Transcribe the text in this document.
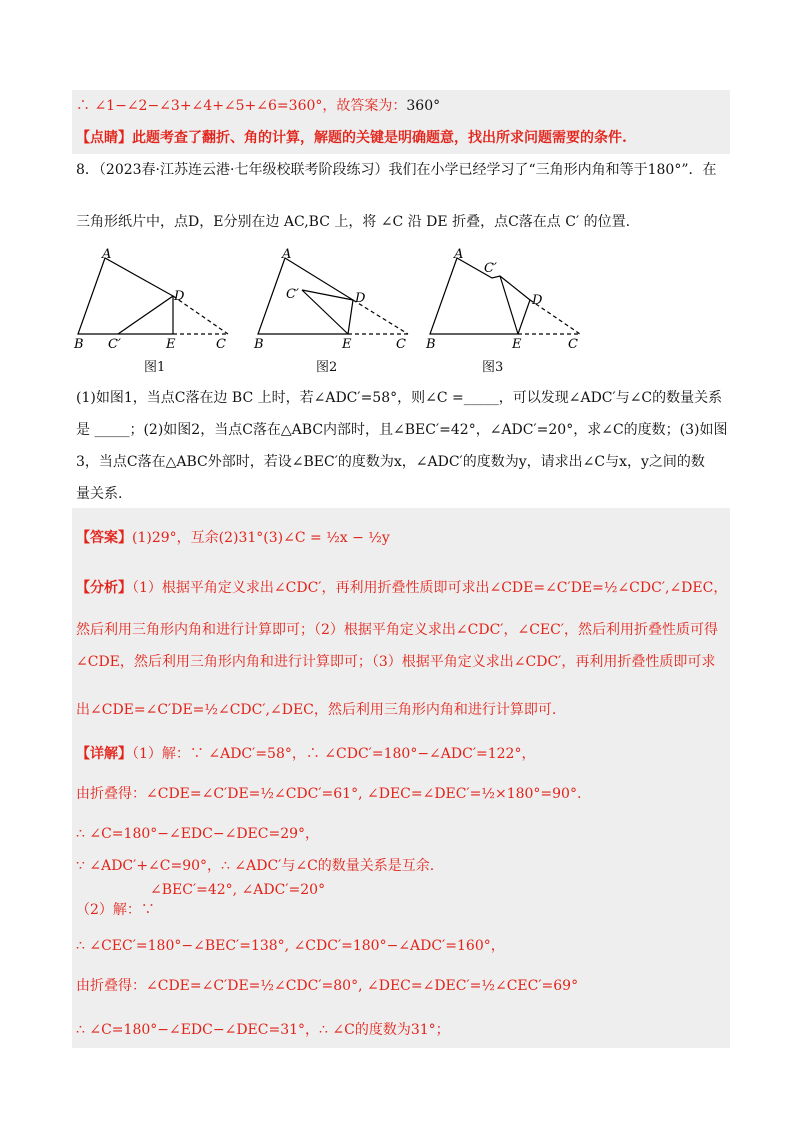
∴ ∠1−∠2−∠3+∠4+∠5+∠6=360°，故答案为：360°
【点睛】此题考查了翻折、角的计算，解题的关键是明确题意，找出所求问题需要的条件.
8．（2023春·江苏连云港·七年级校联考阶段练习）我们在小学已经学习了“三角形内角和等于180°”．在
三角形纸片中，点D，E分别在边 AC,BC 上，将 ∠C 沿 DE 折叠，点C落在点 C′ 的位置.
A
B C′
D
E	C
图1
A
B
C′	D
E	C
图2
A
B
C′
D
E	C
图3
(1)如图1，当点C落在边 BC 上时，若∠ADC′=58°，则∠C =_____，可以发现∠ADC′与∠C的数量关系
是 _____；(2)如图2，当点C落在△ABC内部时，且∠BEC′=42°，∠ADC′=20°，求∠C的度数；(3)如图
3，当点C落在△ABC外部时，若设∠BEC′的度数为x，∠ADC′的度数为y，请求出∠C与x，y之间的数
量关系.
【答案】(1)29°，互余(2)31°(3)∠C = ½x − ½y
【分析】（1）根据平角定义求出∠CDC′，再利用折叠性质即可求出∠CDE=∠C′DE=½∠CDC′,∠DEC，
然后利用三角形内角和进行计算即可；（2）根据平角定义求出∠CDC′，∠CEC′，然后利用折叠性质可得
∠CDE，然后利用三角形内角和进行计算即可；（3）根据平角定义求出∠CDC′，再利用折叠性质即可求
出∠CDE=∠C′DE=½∠CDC′,∠DEC，然后利用三角形内角和进行计算即可.
【详解】（1）解：∵ ∠ADC′=58°，∴ ∠CDC′=180°−∠ADC′=122°，
由折叠得：∠CDE=∠C′DE=½∠CDC′=61°, ∠DEC=∠DEC′=½×180°=90°.
∴ ∠C=180°−∠EDC−∠DEC=29°，
∵ ∠ADC′+∠C=90°，∴ ∠ADC′与∠C的数量关系是互余.
∠BEC′=42°, ∠ADC′=20°
（2）解：∵
∴ ∠CEC′=180°−∠BEC′=138°, ∠CDC′=180°−∠ADC′=160°，
由折叠得：∠CDE=∠C′DE=½∠CDC′=80°, ∠DEC=∠DEC′=½∠CEC′=69°
∴ ∠C=180°−∠EDC−∠DEC=31°，∴ ∠C的度数为31°；
